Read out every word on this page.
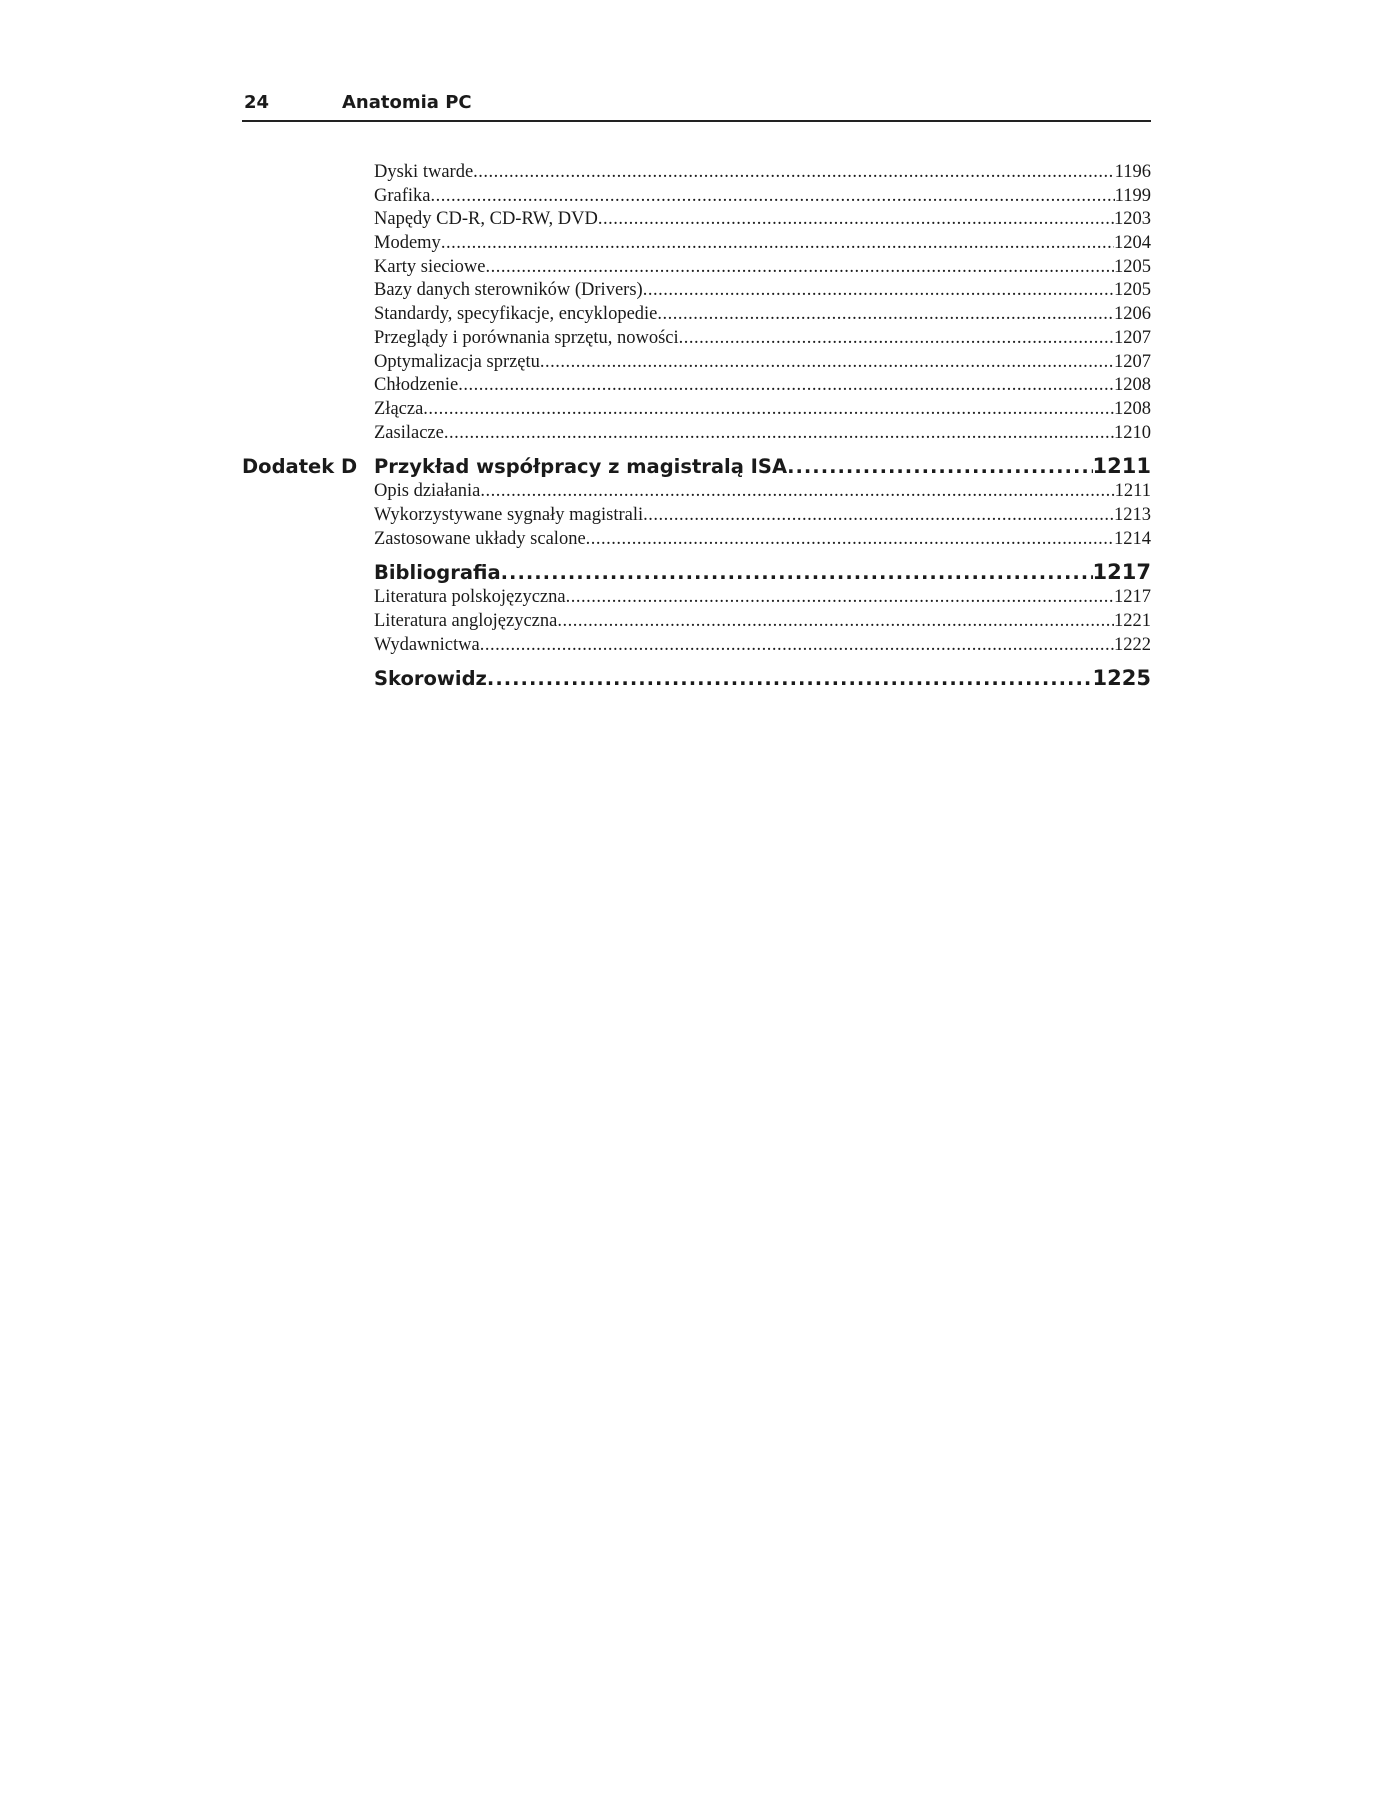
24	Anatomia PC
Dyski twarde .....	1196
Grafika .....	1199
Napędy CD-R, CD-RW, DVD .....	1203
Modemy .....	1204
Karty sieciowe .....	1205
Bazy danych sterowników (Drivers) .....	1205
Standardy, specyfikacje, encyklopedie .....	1206
Przeglądy i porównania sprzętu, nowości .....	1207
Optymalizacja sprzętu .....	1207
Chłodzenie .....	1208
Złącza .....	1208
Zasilacze .....	1210
Dodatek D Przykład współpracy z magistralą ISA .....	1211
Opis działania .....	1211
Wykorzystywane sygnały magistrali .....	1213
Zastosowane układy scalone .....	1214
Bibliografia .....	1217
Literatura polskojęzyczna .....	1217
Literatura anglojęzyczna .....	1221
Wydawnictwa .....	1222
Skorowidz .....	1225
